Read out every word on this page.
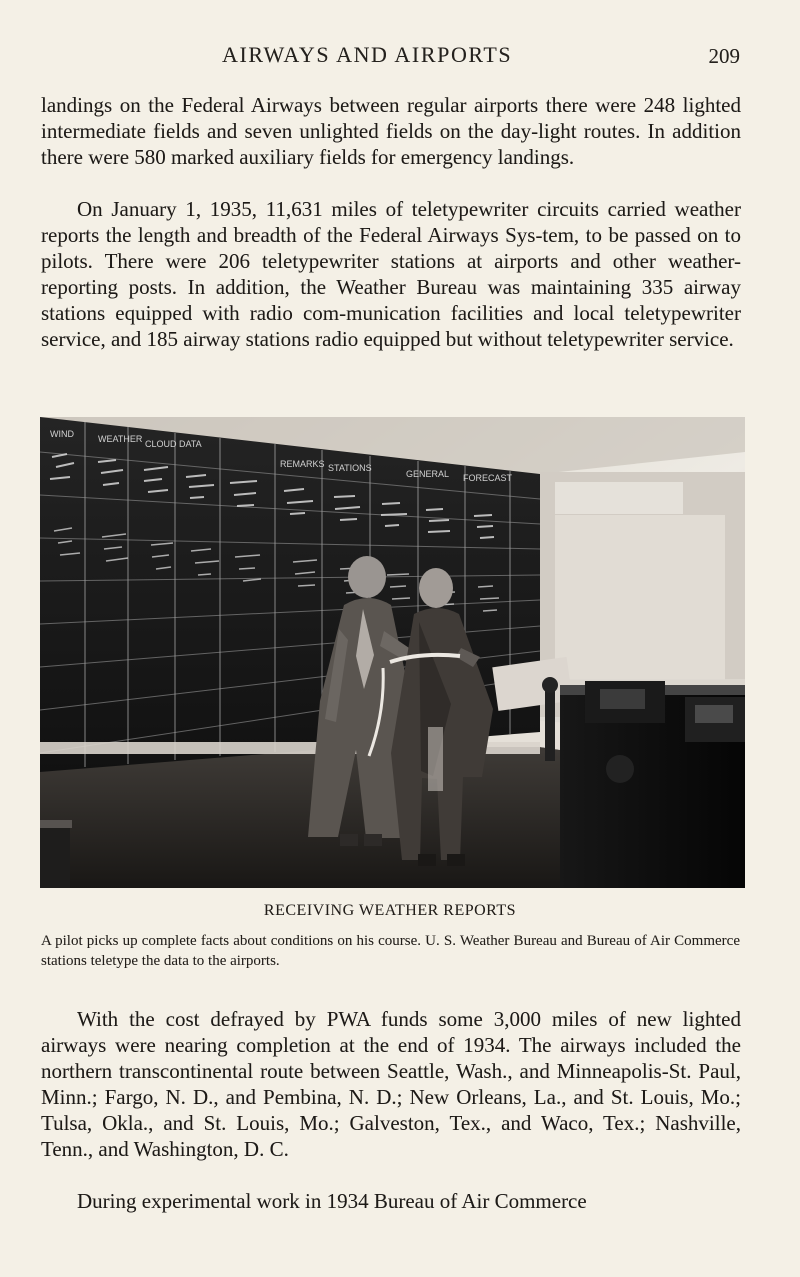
AIRWAYS AND AIRPORTS	209

landings on the Federal Airways between regular airports there were 248 lighted intermediate fields and seven unlighted fields on the day-light routes. In addition there were 580 marked auxiliary fields for emergency landings.

On January 1, 1935, 11,631 miles of teletypewriter circuits carried weather reports the length and breadth of the Federal Airways Sys-tem, to be passed on to pilots. There were 206 teletypewriter stations at airports and other weather-reporting posts. In addition, the Weather Bureau was maintaining 335 airway stations equipped with radio com-munication facilities and local teletypewriter service, and 185 airway stations radio equipped but without teletypewriter service.

WIND	WEATHER CLOUD DATA
REMARKS STATIONS
GENERAL FORECAST
RECEIVING WEATHER REPORTS

A pilot picks up complete facts about conditions on his course. U. S. Weather Bureau and Bureau of Air Commerce stations teletype the data to the airports.

With the cost defrayed by PWA funds some 3,000 miles of new lighted airways were nearing completion at the end of 1934. The airways included the northern transcontinental route between Seattle, Wash., and Minneapolis-St. Paul, Minn.; Fargo, N. D., and Pembina, N. D.; New Orleans, La., and St. Louis, Mo.; Tulsa, Okla., and St. Louis, Mo.; Galveston, Tex., and Waco, Tex.; Nashville, Tenn., and Washington, D. C.

During experimental work in 1934 Bureau of Air Commerce
